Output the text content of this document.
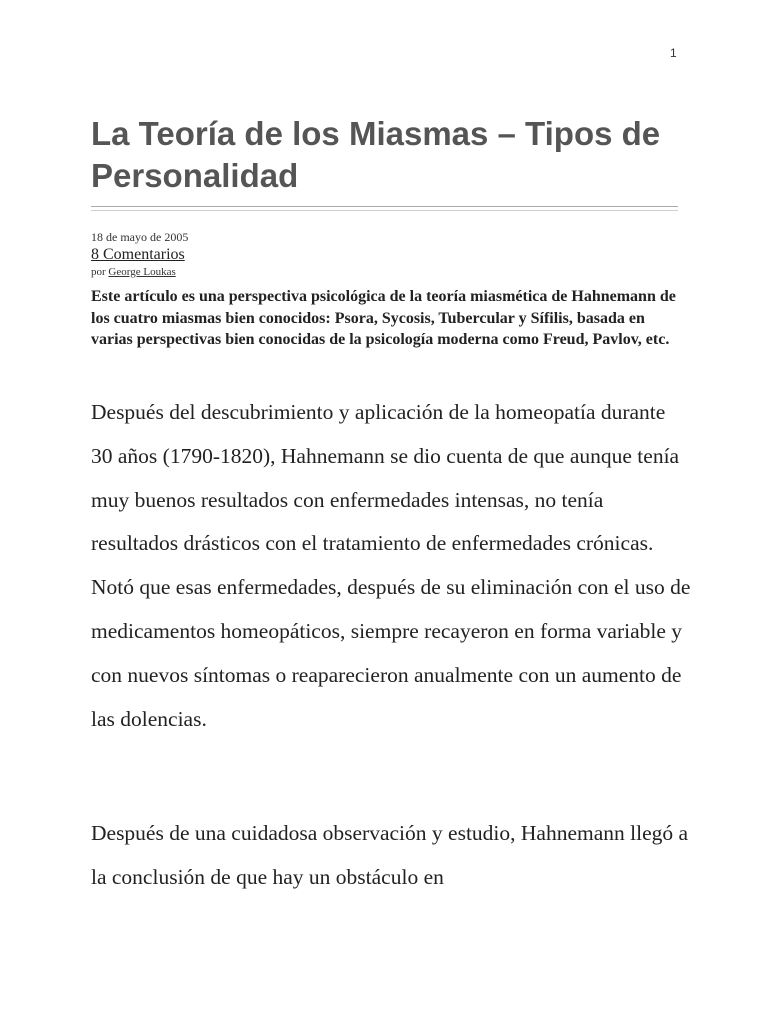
1
La Teoría de los Miasmas – Tipos de Personalidad
18 de mayo de 2005
8 Comentarios
por George Loukas

Este artículo es una perspectiva psicológica de la teoría miasmética de Hahnemann de los cuatro miasmas bien conocidos: Psora, Sycosis, Tubercular y Sífilis, basada en varias perspectivas bien conocidas de la psicología moderna como Freud, Pavlov, etc.

Después del descubrimiento y aplicación de la homeopatía durante 30 años (1790-1820), Hahnemann se dio cuenta de que aunque tenía muy buenos resultados con enfermedades intensas, no tenía resultados drásticos con el tratamiento de enfermedades crónicas. Notó que esas enfermedades, después de su eliminación con el uso de medicamentos homeopáticos, siempre recayeron en forma variable y con nuevos síntomas o reaparecieron anualmente con un aumento de las dolencias.

Después de una cuidadosa observación y estudio, Hahnemann llegó a la conclusión de que hay un obstáculo en
